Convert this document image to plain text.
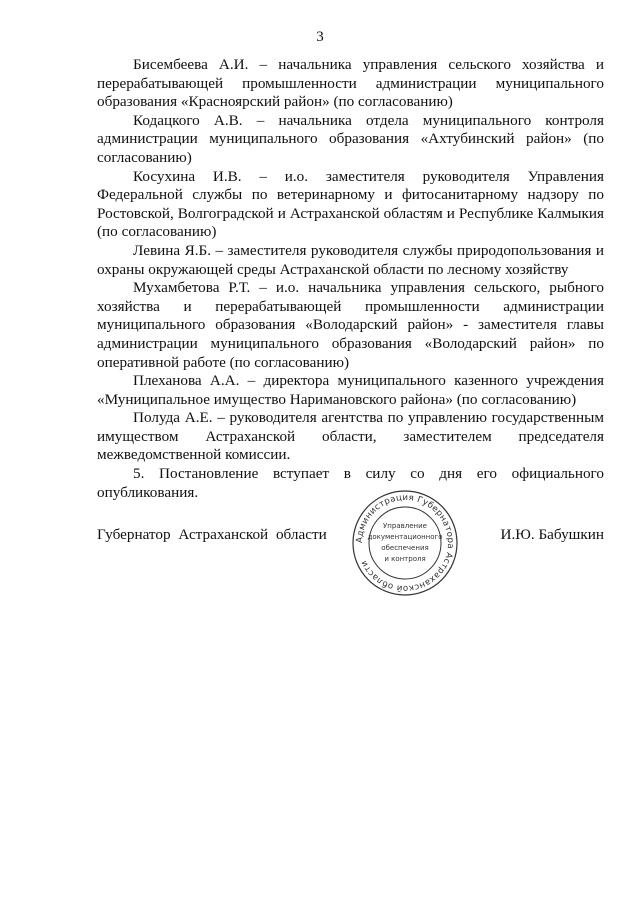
3

Бисембеева А.И. – начальника управления сельского хозяйства и перерабатывающей промышленности администрации муниципального образования «Красноярский район» (по согласованию)

Кодацкого А.В. – начальника отдела муниципального контроля администрации муниципального образования «Ахтубинский район» (по согласованию)

Косухина И.В. – и.о. заместителя руководителя Управления Федеральной службы по ветеринарному и фитосанитарному надзору по Ростовской, Волгоградской и Астраханской областям и Республике Калмыкия (по согласованию)

Левина Я.Б. – заместителя руководителя службы природопользования и охраны окружающей среды Астраханской области по лесному хозяйству

Мухамбетова Р.Т. – и.о. начальника управления сельского, рыбного хозяйства и перерабатывающей промышленности администрации муниципального образования «Володарский район» - заместителя главы администрации муниципального образования «Володарский район» по оперативной работе (по согласованию)

Плеханова А.А. – директора муниципального казенного учреждения «Муниципальное имущество Наримановского района» (по согласованию)

Полуда А.Е. – руководителя агентства по управлению государственным имуществом Астраханской области, заместителем председателя межведомственной комиссии.

5. Постановление вступает в силу со дня его официального опубликования.

Губернатор Астраханской области	Администрация Губернатора Астраханской области
Управление
документационного
обеспечения
и контроля
И.Ю. Бабушкин
